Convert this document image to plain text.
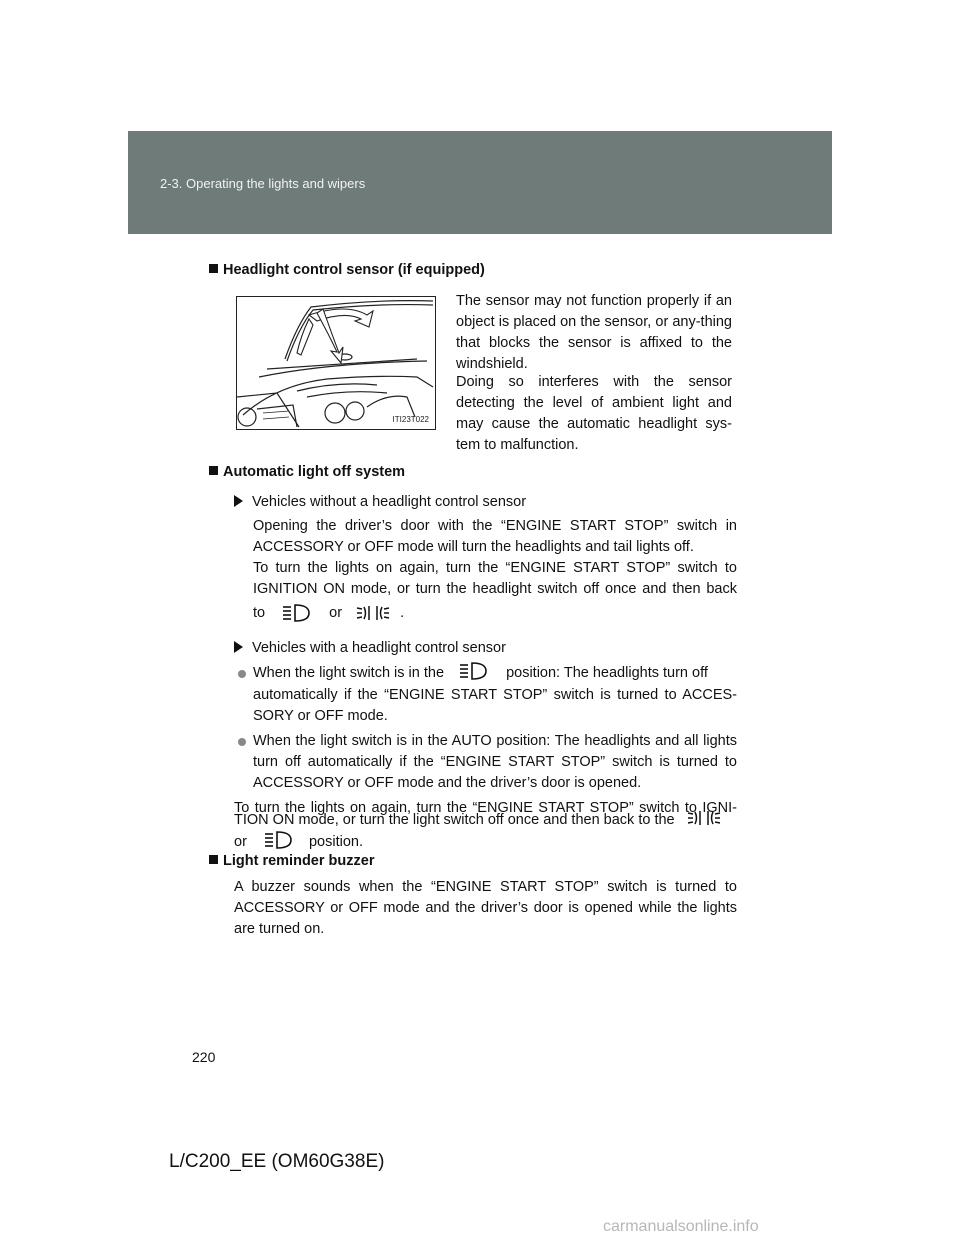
2-3. Operating the lights and wipers
Headlight control sensor (if equipped)
ITI23T022
The sensor may not function properly if an object is placed on the sensor, or any-thing that blocks the sensor is affixed to the windshield.
Doing so interferes with the sensor detecting the level of ambient light and may cause the automatic headlight sys-tem to malfunction.
Automatic light off system
Vehicles without a headlight control sensor
Opening the driver’s door with the “ENGINE START STOP” switch in ACCESSORY or OFF mode will turn the headlights and tail lights off.
To turn the lights on again, turn the “ENGINE START STOP” switch to IGNITION ON mode, or turn the headlight switch off once and then back
to	or	.
Vehicles with a headlight control sensor
When the light switch is in the	position: The headlights turn off
automatically if the “ENGINE START STOP” switch is turned to ACCES-SORY or OFF mode.
When the light switch is in the AUTO position: The headlights and all lights turn off automatically if the “ENGINE START STOP” switch is turned to ACCESSORY or OFF mode and the driver’s door is opened.
To turn the lights on again, turn the “ENGINE START STOP” switch to IGNI-
TION ON mode, or turn the light switch off once and then back to the
or	position.
Light reminder buzzer
A buzzer sounds when the “ENGINE START STOP” switch is turned to ACCESSORY or OFF mode and the driver’s door is opened while the lights are turned on.
220
L/C200_EE (OM60G38E)
carmanualsonline.info
